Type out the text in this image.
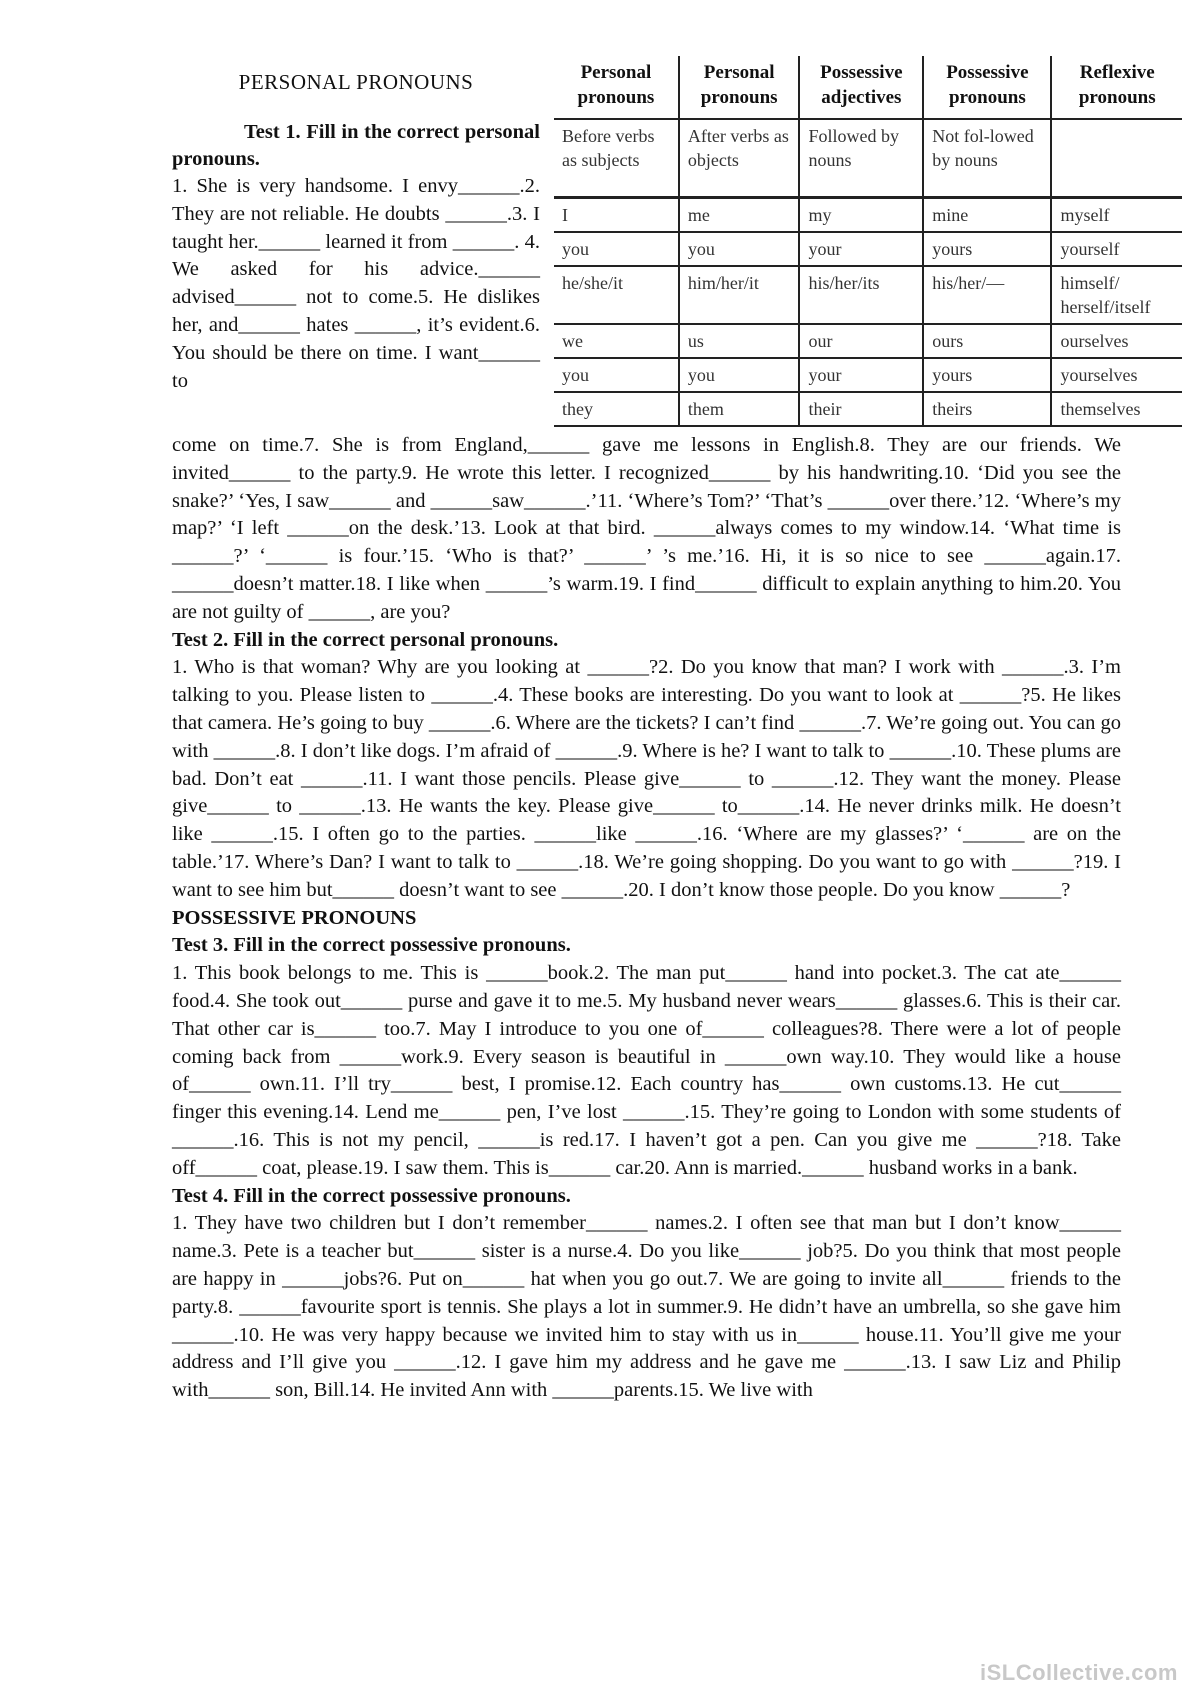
PERSONAL PRONOUNS

Test 1. Fill in the correct personal pronouns.

1. She is very handsome. I envy______.2. They are not reliable. He doubts ______.3. I taught her.______ learned it from ______. 4. We asked for his advice.______ advised______ not to come.5. He dislikes her, and______ hates ______, it’s evident.6. You should be there on time. I want______ to

Personal pronouns	Personal pronouns	Possessive adjectives	Possessive pronouns	Reflexive pronouns
Before verbs as subjects	After verbs as objects	Followed by nouns	Not fol-lowed by nouns	
I	me	my	mine	myself
you	you	your	yours	yourself
he/she/it	him/her/it	his/her/its	his/her/—	himself/ herself/itself
we	us	our	ours	ourselves
you	you	your	yours	yourselves
they	them	their	theirs	themselves

come on time.7. She is from England,______ gave me lessons in English.8. They are our friends. We invited______ to the party.9. He wrote this letter. I recognized______ by his handwriting.10. ‘Did you see the snake?’ ‘Yes, I saw______ and ______saw______.’11. ‘Where’s Tom?’ ‘That’s ______over there.’12. ‘Where’s my map?’ ‘I left ______on the desk.’13. Look at that bird. ______always comes to my window.14. ‘What time is ______?’ ‘______ is four.’15. ‘Who is that?’ ______’ ’s me.’16. Hi, it is so nice to see ______again.17. ______doesn’t matter.18. I like when ______’s warm.19. I find______ difficult to explain anything to him.20. You are not guilty of ______, are you?

Test 2. Fill in the correct personal pronouns.

1. Who is that woman? Why are you looking at ______?2. Do you know that man? I work with ______.3. I’m talking to you. Please listen to ______.4. These books are interesting. Do you want to look at ______?5. He likes that camera. He’s going to buy ______.6. Where are the tickets? I can’t find ______.7. We’re going out. You can go with ______.8. I don’t like dogs. I’m afraid of ______.9. Where is he? I want to talk to ______.10. These plums are bad. Don’t eat ______.11. I want those pencils. Please give______ to ______.12. They want the money. Please give______ to ______.13. He wants the key. Please give______ to______.14. He never drinks milk. He doesn’t like ______.15. I often go to the parties. ______like ______.16. ‘Where are my glasses?’ ‘______ are on the table.’17. Where’s Dan? I want to talk to ______.18. We’re going shopping. Do you want to go with ______?19. I want to see him but______ doesn’t want to see ______.20. I don’t know those people. Do you know ______?

POSSESSIVE PRONOUNS

Test 3. Fill in the correct possessive pronouns.

1. This book belongs to me. This is ______book.2. The man put______ hand into pocket.3. The cat ate______ food.4. She took out______ purse and gave it to me.5. My husband never wears______ glasses.6. This is their car. That other car is______ too.7. May I introduce to you one of______ colleagues?8. There were a lot of people coming back from ______work.9. Every season is beautiful in ______own way.10. They would like a house of______ own.11. I’ll try______ best, I promise.12. Each country has______ own customs.13. He cut______ finger this evening.14. Lend me______ pen, I’ve lost ______.15. They’re going to London with some students of ______.16. This is not my pencil, ______is red.17. I haven’t got a pen. Can you give me ______?18. Take off______ coat, please.19. I saw them. This is______ car.20. Ann is married.______ husband works in a bank.

Test 4. Fill in the correct possessive pronouns.

1. They have two children but I don’t remember______ names.2. I often see that man but I don’t know______ name.3. Pete is a teacher but______ sister is a nurse.4. Do you like______ job?5. Do you think that most people are happy in ______jobs?6. Put on______ hat when you go out.7. We are going to invite all______ friends to the party.8. ______favourite sport is tennis. She plays a lot in summer.9. He didn’t have an umbrella, so she gave him ______.10. He was very happy because we invited him to stay with us in______ house.11. You’ll give me your address and I’ll give you ______.12. I gave him my address and he gave me ______.13. I saw Liz and Philip with______ son, Bill.14. He invited Ann with ______parents.15. We live with

iSLCollective.com
